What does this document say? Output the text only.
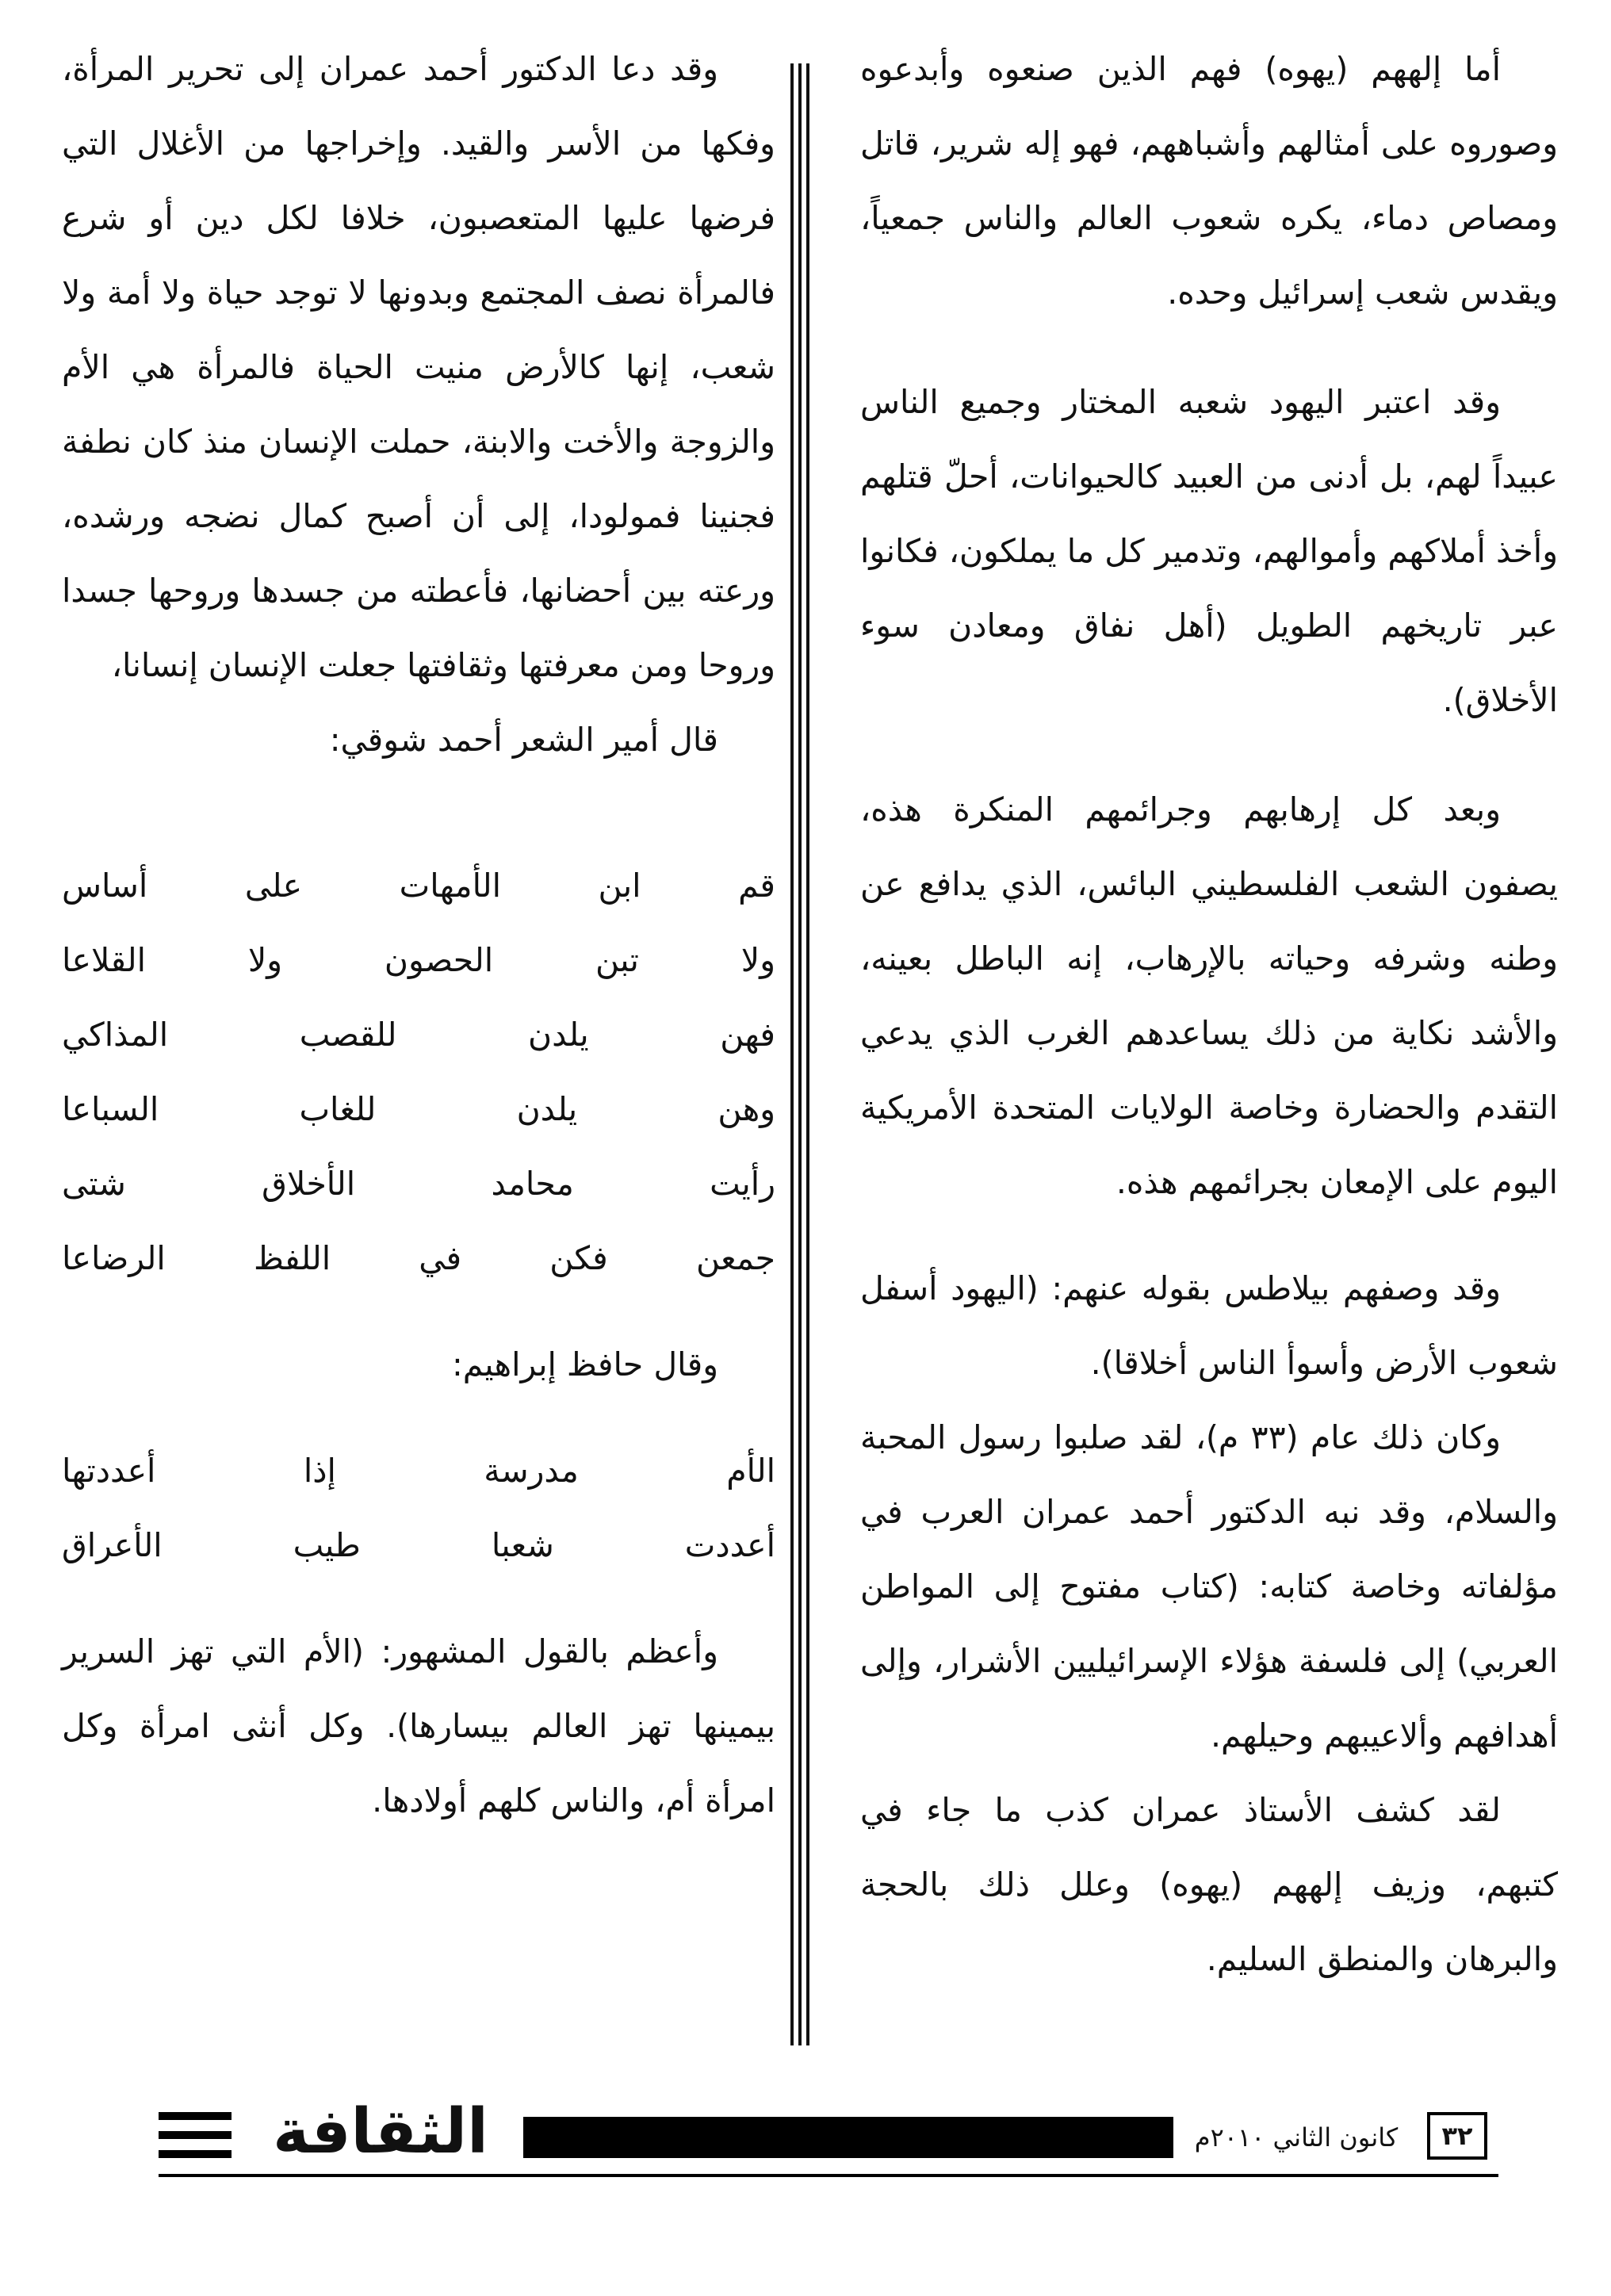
أما إلههم (يهوه) فهم الذين صنعوه وأبدعوه وصوروه على أمثالهم وأشباههم، فهو إله شرير، قاتل ومصاص دماء، يكره شعوب العالم والناس جمعياً، ويقدس شعب إسرائيل وحده.

وقد اعتبر اليهود شعبه المختار وجميع الناس عبيداً لهم، بل أدنى من العبيد كالحيوانات، أحلّ قتلهم وأخذ أملاكهم وأموالهم، وتدمير كل ما يملكون، فكانوا عبر تاريخهم الطويل (أهل نفاق ومعادن سوء الأخلاق).

وبعد كل إرهابهم وجرائمهم المنكرة هذه، يصفون الشعب الفلسطيني البائس، الذي يدافع عن وطنه وشرفه وحياته بالإرهاب، إنه الباطل بعينه، والأشد نكاية من ذلك يساعدهم الغرب الذي يدعي التقدم والحضارة وخاصة الولايات المتحدة الأمريكية اليوم على الإمعان بجرائمهم هذه.

وقد وصفهم بيلاطس بقوله عنهم: (اليهود أسفل شعوب الأرض وأسوأ الناس أخلاقا).

وكان ذلك عام (٣٣ م)، لقد صلبوا رسول المحبة والسلام، وقد نبه الدكتور أحمد عمران العرب في مؤلفاته وخاصة كتابه: (كتاب مفتوح إلى المواطن العربي) إلى فلسفة هؤلاء الإسرائيليين الأشرار، وإلى أهدافهم وألاعيبهم وحيلهم.

لقد كشف الأستاذ عمران كذب ما جاء في كتبهم، وزيف إلههم (يهوه) وعلل ذلك بالحجة والبرهان والمنطق السليم.

وقد دعا الدكتور أحمد عمران إلى تحرير المرأة، وفكها من الأسر والقيد. وإخراجها من الأغلال التي فرضها عليها المتعصبون، خلافا لكل دين أو شرع فالمرأة نصف المجتمع وبدونها لا توجد حياة ولا أمة ولا شعب، إنها كالأرض منيت الحياة فالمرأة هي الأم والزوجة والأخت والابنة، حملت الإنسان منذ كان نطفة فجنينا فمولودا، إلى أن أصبح كمال نضجه ورشده، ورعته بين أحضانها، فأعطته من جسدها وروحها جسدا وروحا ومن معرفتها وثقافتها جعلت الإنسان إنسانا،

قال أمير الشعر أحمد شوقي:

قم ابن الأمهات على أساس

ولا تبن الحصون ولا القلاعا

فهن يلدن للقصب المذاكي

وهن يلدن للغاب السباعا

رأيت محامد الأخلاق شتى

جمعن فكن في اللفظ الرضاعا

وقال حافظ إبراهيم:

الأم مدرسة إذا أعددتها

أعددت شعبا طيب الأعراق

وأعظم بالقول المشهور: (الأم التي تهز السرير بيمينها تهز العالم بيسارها). وكل أنثى امرأة وكل امرأة أم، والناس كلهم أولادها.

الثقافة	كانون الثاني ٢٠١٠م	٣٢
